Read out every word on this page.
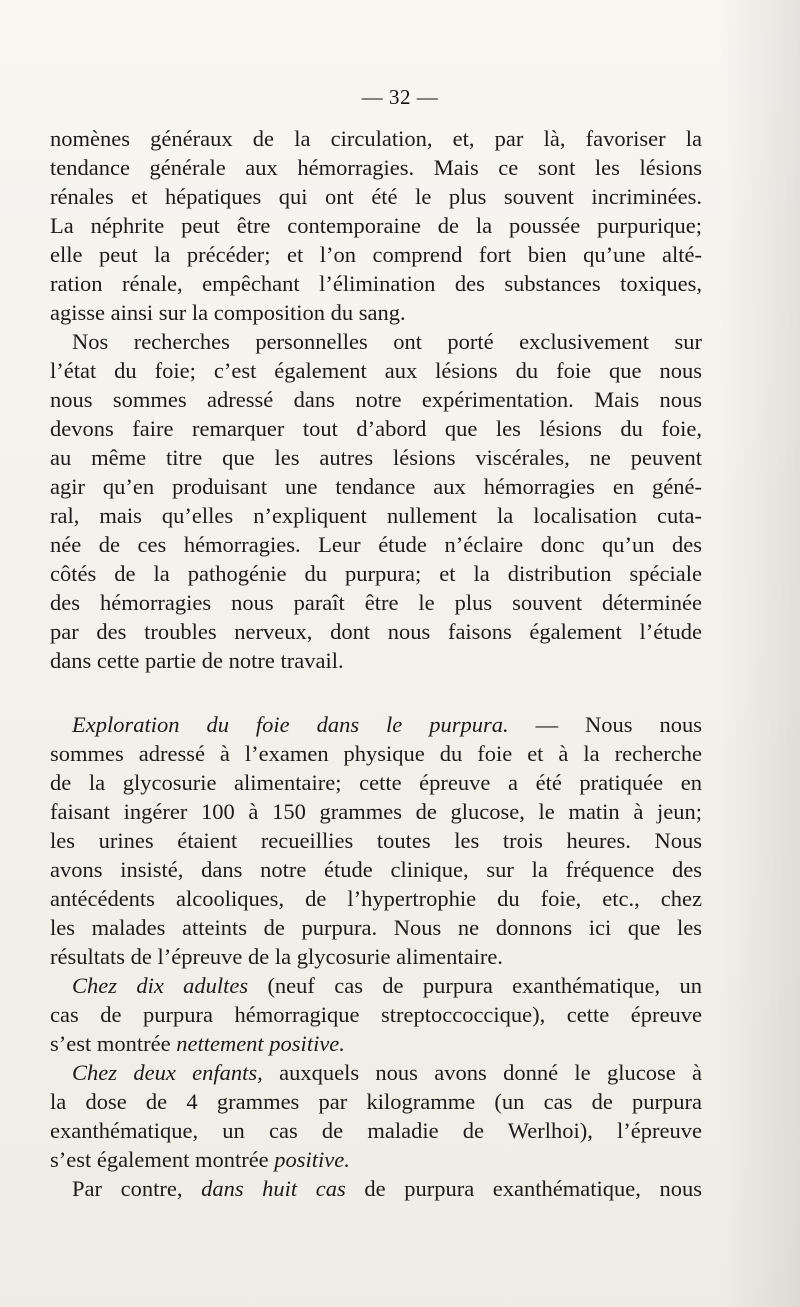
— 32 —
nomènes généraux de la circulation, et, par là, favoriser la
tendance générale aux hémorragies. Mais ce sont les lésions
rénales et hépatiques qui ont été le plus souvent incriminées.
La néphrite peut être contemporaine de la poussée purpurique;
elle peut la précéder; et l’on comprend fort bien qu’une alté-
ration rénale, empêchant l’élimination des substances toxiques,
agisse ainsi sur la composition du sang.
Nos recherches personnelles ont porté exclusivement sur
l’état du foie; c’est également aux lésions du foie que nous
nous sommes adressé dans notre expérimentation. Mais nous
devons faire remarquer tout d’abord que les lésions du foie,
au même titre que les autres lésions viscérales, ne peuvent
agir qu’en produisant une tendance aux hémorragies en géné-
ral, mais qu’elles n’expliquent nullement la localisation cuta-
née de ces hémorragies. Leur étude n’éclaire donc qu’un des
côtés de la pathogénie du purpura; et la distribution spéciale
des hémorragies nous paraît être le plus souvent déterminée
par des troubles nerveux, dont nous faisons également l’étude
dans cette partie de notre travail.
Exploration du foie dans le purpura. — Nous nous
sommes adressé à l’examen physique du foie et à la recherche
de la glycosurie alimentaire; cette épreuve a été pratiquée en
faisant ingérer 100 à 150 grammes de glucose, le matin à jeun;
les urines étaient recueillies toutes les trois heures. Nous
avons insisté, dans notre étude clinique, sur la fréquence des
antécédents alcooliques, de l’hypertrophie du foie, etc., chez
les malades atteints de purpura. Nous ne donnons ici que les
résultats de l’épreuve de la glycosurie alimentaire.
Chez dix adultes (neuf cas de purpura exanthématique, un
cas de purpura hémorragique streptoccoccique), cette épreuve
s’est montrée nettement positive.
Chez deux enfants, auxquels nous avons donné le glucose à
la dose de 4 grammes par kilogramme (un cas de purpura
exanthématique, un cas de maladie de Werlhoi), l’épreuve
s’est également montrée positive.
Par contre, dans huit cas de purpura exanthématique, nous
